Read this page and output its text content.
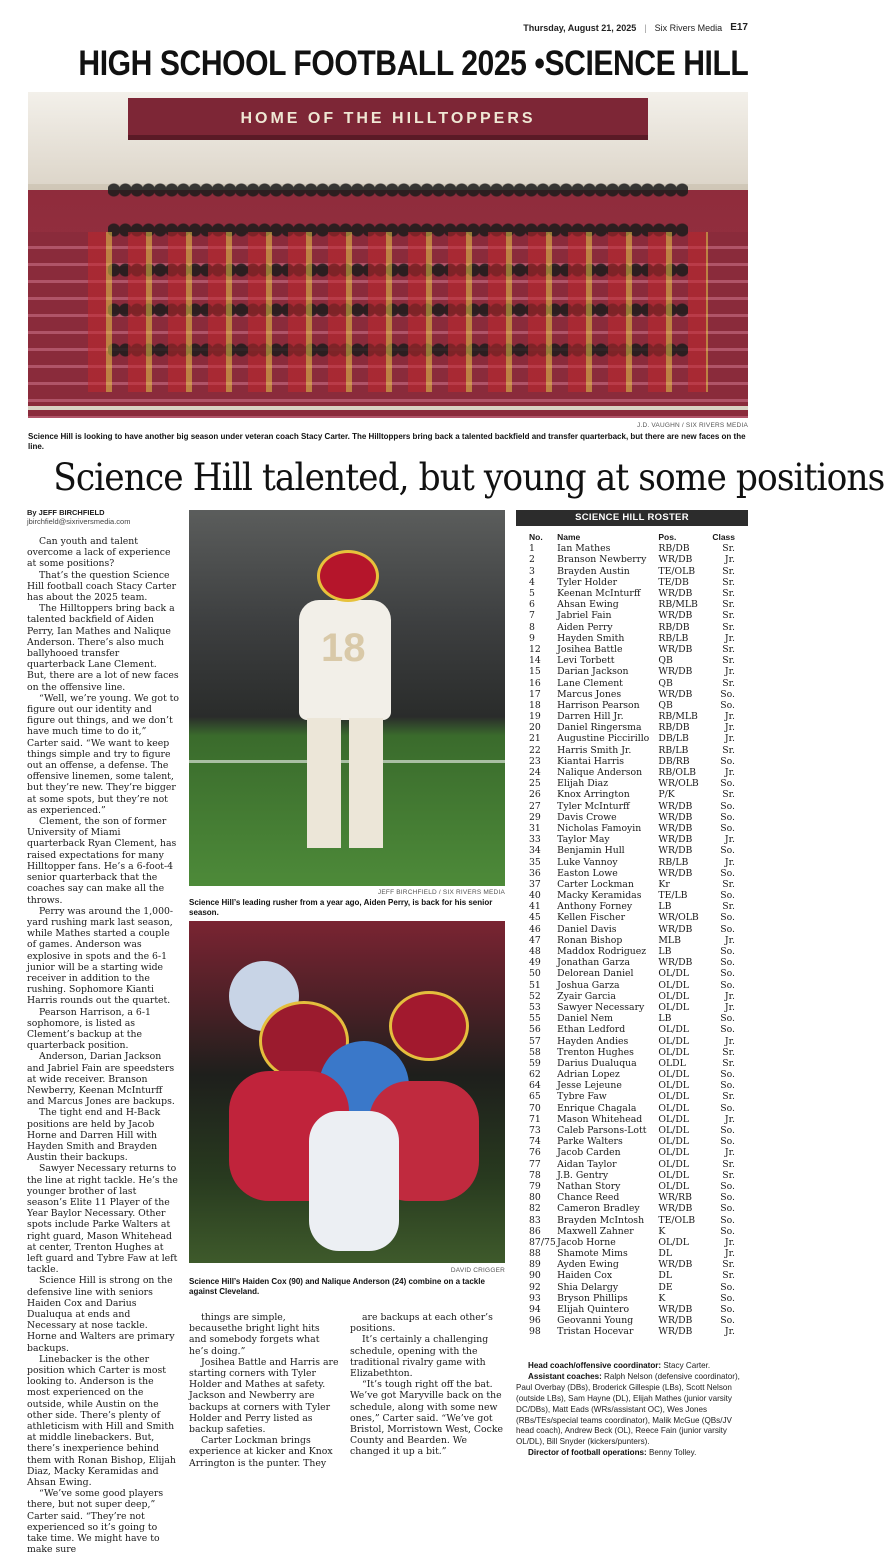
Thursday, August 21, 2025 | Six Rivers Media E17
HIGH SCHOOL FOOTBALL 2025 •SCIENCE HILL
HOME OF THE HILLTOPPERS
J.D. VAUGHN / SIX RIVERS MEDIA
Science Hill is looking to have another big season under veteran coach Stacy Carter. The Hilltoppers bring back a talented backfield and transfer quarterback, but there are new faces on the line.
Science Hill talented, but young at some positions
By JEFF BIRCHFIELD
jbirchfield@sixriversmedia.com

Can youth and talent overcome a lack of experience at some positions?

That’s the question Science Hill football coach Stacy Carter has about the 2025 team.

The Hilltoppers bring back a talented backfield of Aiden Perry, Ian Mathes and Nalique Anderson. There’s also much ballyhooed transfer quarterback Lane Clement. But, there are a lot of new faces on the offensive line.

“Well, we’re young. We got to figure out our identity and figure out things, and we don’t have much time to do it,” Carter said. “We want to keep things simple and try to figure out an offense, a defense. The offensive linemen, some talent, but they’re new. They’re bigger at some spots, but they’re not as experienced.”

Clement, the son of former University of Miami quarterback Ryan Clement, has raised expectations for many Hilltopper fans. He’s a 6-foot-4 senior quarterback that the coaches say can make all the throws.

Perry was around the 1,000-yard rushing mark last season, while Mathes started a couple of games. Anderson was explosive in spots and the 6-1 junior will be a starting wide receiver in addition to the rushing. Sophomore Kianti Harris rounds out the quartet.

Pearson Harrison, a 6-1 sophomore, is listed as Clement’s backup at the quarterback position.

Anderson, Darian Jackson and Jabriel Fain are speedsters at wide receiver. Branson Newberry, Keenan McInturff and Marcus Jones are backups.

The tight end and H-Back positions are held by Jacob Horne and Darren Hill with Hayden Smith and Brayden Austin their backups.

Sawyer Necessary returns to the line at right tackle. He’s the younger brother of last season’s Elite 11 Player of the Year Baylor Necessary. Other spots include Parke Walters at right guard, Mason Whitehead at center, Trenton Hughes at left guard and Tybre Faw at left tackle.

Science Hill is strong on the defensive line with seniors Haiden Cox and Darius Dualuqua at ends and Necessary at nose tackle. Horne and Walters are primary backups.

Linebacker is the other position which Carter is most looking to. Anderson is the most experienced on the outside, while Austin on the other side. There’s plenty of athleticism with Hill and Smith at middle linebackers. But, there’s inexperience behind them with Ronan Bishop, Elijah Diaz, Macky Keramidas and Ahsan Ewing.

“We’ve some good players there, but not super deep,” Carter said. “They’re not experienced so it’s going to take time. We might have to make sure

18
JEFF BIRCHFIELD / SIX RIVERS MEDIA
Science Hill’s leading rusher from a year ago, Aiden Perry, is back for his senior season.
DAVID CRIGGER
Science Hill’s Haiden Cox (90) and Nalique Anderson (24) combine on a tackle against Cleveland.

things are simple, becausethe bright light hits and somebody forgets what he’s doing.”

Josihea Battle and Harris are starting corners with Tyler Holder and Mathes at safety. Jackson and Newberry are backups at corners with Tyler Holder and Perry listed as backup safeties.

Carter Lockman brings experience at kicker and Knox Arrington is the punter. They

are backups at each other’s positions.

It’s certainly a challenging schedule, opening with the traditional rivalry game with Elizabethton.

“It’s tough right off the bat. We’ve got Maryville back on the schedule, along with some new ones,” Carter said. “We’ve got Bristol, Morristown West, Cocke County and Bearden. We changed it up a bit.”

SCIENCE HILL ROSTER
No.	Name	Pos.	Class
1	Ian Mathes	RB/DB	Sr.
2	Branson Newberry	WR/DB	Jr.
3	Brayden Austin	TE/OLB	Sr.
4	Tyler Holder	TE/DB	Sr.
5	Keenan McInturff	WR/DB	Sr.
6	Ahsan Ewing	RB/MLB	Sr.
7	Jabriel Fain	WR/DB	Sr.
8	Aiden Perry	RB/DB	Sr.
9	Hayden Smith	RB/LB	Jr.
12	Josihea Battle	WR/DB	Sr.
14	Levi Torbett	QB	Sr.
15	Darian Jackson	WR/DB	Jr.
16	Lane Clement	QB	Sr.
17	Marcus Jones	WR/DB	So.
18	Harrison Pearson	QB	So.
19	Darren Hill Jr.	RB/MLB	Jr.
20	Daniel Ringersma	RB/DB	Jr.
21	Augustine Piccirillo	DB/LB	Jr.
22	Harris Smith Jr.	RB/LB	Sr.
23	Kiantai Harris	DB/RB	So.
24	Nalique Anderson	RB/OLB	Jr.
25	Elijah Diaz	WR/OLB	So.
26	Knox Arrington	P/K	Sr.
27	Tyler McInturff	WR/DB	So.
29	Davis Crowe	WR/DB	So.
31	Nicholas Famoyin	WR/DB	So.
33	Taylor May	WR/DB	Jr.
34	Benjamin Hull	WR/DB	So.
35	Luke Vannoy	RB/LB	Jr.
36	Easton Lowe	WR/DB	So.
37	Carter Lockman	Kr	Sr.
40	Macky Keramidas	TE/LB	So.
41	Anthony Forney	LB	Sr.
45	Kellen Fischer	WR/OLB	So.
46	Daniel Davis	WR/DB	So.
47	Ronan Bishop	MLB	Jr.
48	Maddox Rodriguez	LB	So.
49	Jonathan Garza	WR/DB	So.
50	Delorean Daniel	OL/DL	So.
51	Joshua Garza	OL/DL	So.
52	Zyair Garcia	OL/DL	Jr.
53	Sawyer Necessary	OL/DL	Jr.
55	Daniel Nem	LB	So.
56	Ethan Ledford	OL/DL	So.
57	Hayden Andies	OL/DL	Jr.
58	Trenton Hughes	OL/DL	Sr.
59	Darius Dualuqua	OLDL	Sr.
62	Adrian Lopez	OL/DL	So.
64	Jesse Lejeune	OL/DL	So.
65	Tybre Faw	OL/DL	Sr.
70	Enrique Chagala	OL/DL	So.
71	Mason Whitehead	OL/DL	Jr.
73	Caleb Parsons-Lott	OL/DL	So.
74	Parke Walters	OL/DL	So.
76	Jacob Carden	OL/DL	Jr.
77	Aidan Taylor	OL/DL	Sr.
78	J.B. Gentry	OL/DL	Sr.
79	Nathan Story	OL/DL	So.
80	Chance Reed	WR/RB	So.
82	Cameron Bradley	WR/DB	So.
83	Brayden McIntosh	TE/OLB	So.
86	Maxwell Zahner	K	So.
87/75	Jacob Horne	OL/DL	Jr.
88	Shamote Mims	DL	Jr.
89	Ayden Ewing	WR/DB	Sr.
90	Haiden Cox	DL	Sr.
92	Shia Delargy	DE	So.
93	Bryson Phillips	K	So.
94	Elijah Quintero	WR/DB	So.
96	Geovanni Young	WR/DB	So.
98	Tristan Hocevar	WR/DB	Jr.

Head coach/offensive coordinator: Stacy Carter.

Assistant coaches: Ralph Nelson (defensive coordinator), Paul Overbay (DBs), Broderick Gillespie (LBs), Scott Nelson (outside LBs), Sam Hayne (DL), Elijah Mathes (junior varsity DC/DBs), Matt Eads (WRs/assistant OC), Wes Jones (RBs/TEs/special teams coordinator), Malik McGue (QBs/JV head coach), Andrew Beck (OL), Reece Fain (junior varsity OL/DL), Bill Snyder (kickers/punters).

Director of football operations: Benny Tolley.
